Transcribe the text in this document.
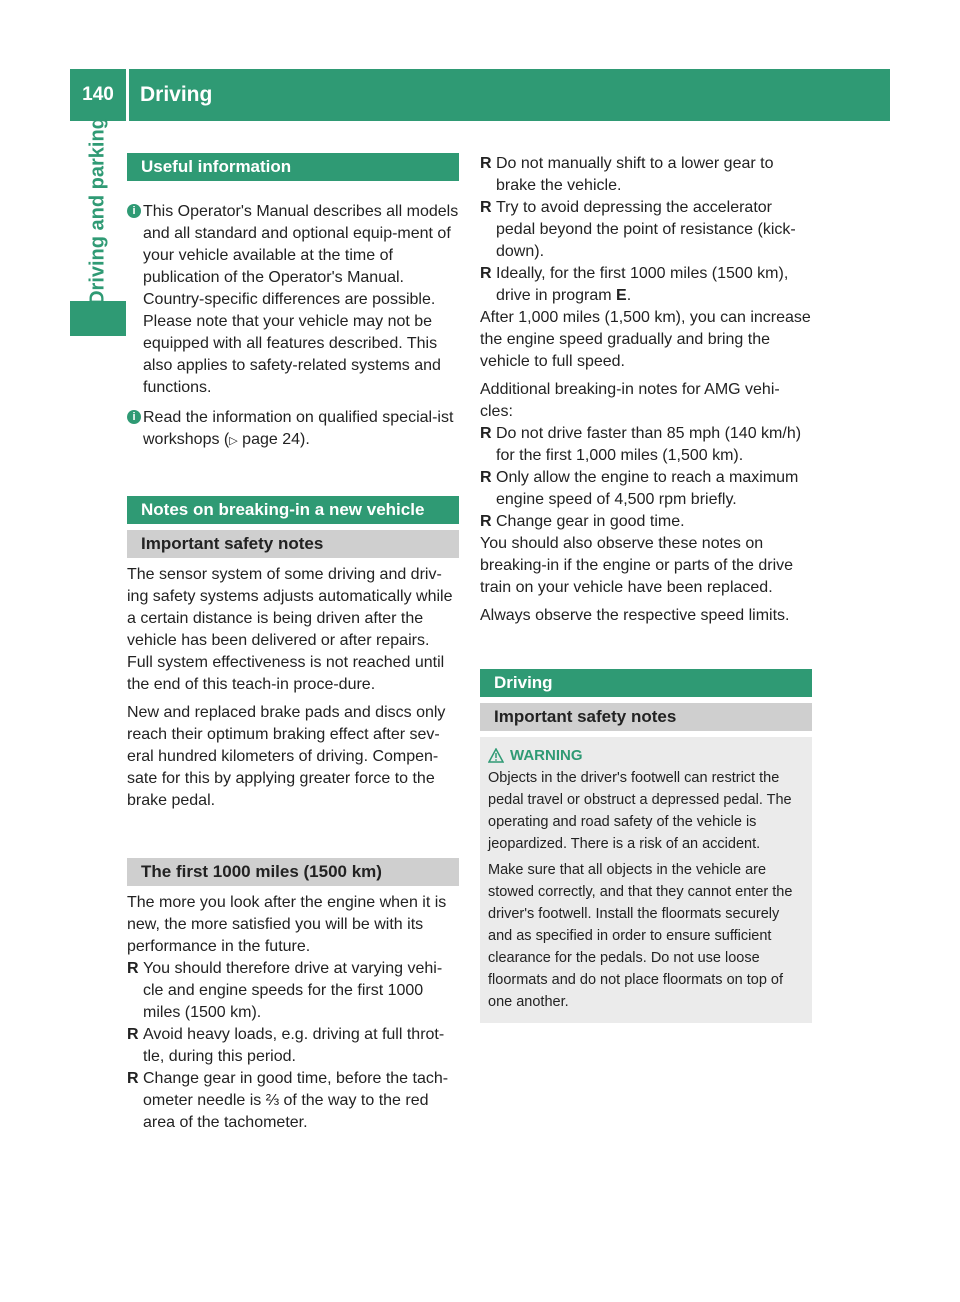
140	Driving
Driving and parking	Useful information

i This Operator's Manual describes all models and all standard and optional equip-ment of your vehicle available at the time of publication of the Operator's Manual. Country-specific differences are possible. Please note that your vehicle may not be equipped with all features described. This also applies to safety-related systems and functions.

i Read the information on qualified special-ist workshops (▷ page 24).

Notes on breaking-in a new vehicle
Important safety notes

The sensor system of some driving and driv-ing safety systems adjusts automatically while a certain distance is being driven after the vehicle has been delivered or after repairs. Full system effectiveness is not reached until the end of this teach-in proce-dure.

New and replaced brake pads and discs only reach their optimum braking effect after sev-eral hundred kilometers of driving. Compen-sate for this by applying greater force to the brake pedal.

The first 1000 miles (1500 km)

The more you look after the engine when it is new, the more satisfied you will be with its performance in the future.

R You should therefore drive at varying vehi-cle and engine speeds for the first 1000 miles (1500 km).

R Avoid heavy loads, e.g. driving at full throt-tle, during this period.

R Change gear in good time, before the tach-ometer needle is ⅔ of the way to the red area of the tachometer.

R Do not manually shift to a lower gear to brake the vehicle.

R Try to avoid depressing the accelerator pedal beyond the point of resistance (kick-down).

R Ideally, for the first 1000 miles (1500 km), drive in program E.

After 1,000 miles (1,500 km), you can increase the engine speed gradually and bring the vehicle to full speed.

Additional breaking-in notes for AMG vehi-cles:

R Do not drive faster than 85 mph (140 km/h) for the first 1,000 miles (1,500 km).

R Only allow the engine to reach a maximum engine speed of 4,500 rpm briefly.

R Change gear in good time.

You should also observe these notes on breaking-in if the engine or parts of the drive train on your vehicle have been replaced.

Always observe the respective speed limits.

Driving
Important safety notes
WARNING

Objects in the driver's footwell can restrict the pedal travel or obstruct a depressed pedal. The operating and road safety of the vehicle is jeopardized. There is a risk of an accident.

Make sure that all objects in the vehicle are stowed correctly, and that they cannot enter the driver's footwell. Install the floormats securely and as specified in order to ensure sufficient clearance for the pedals. Do not use loose floormats and do not place floormats on top of one another.
